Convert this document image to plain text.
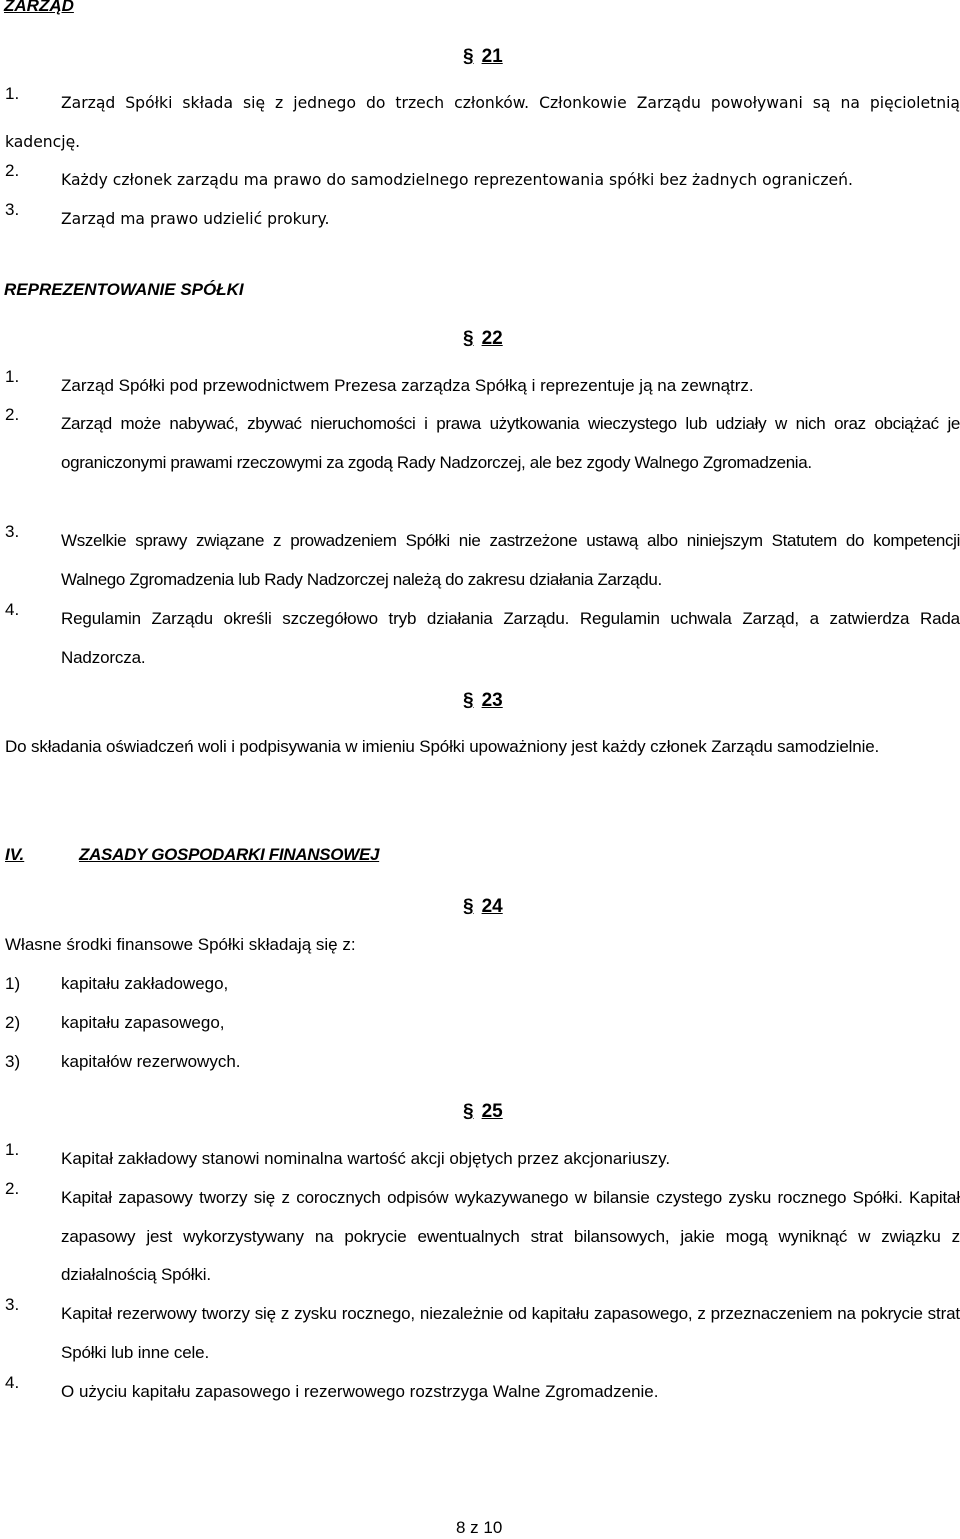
ZARZĄD
§ 21
1.	Zarząd Spółki składa się z jednego do trzech członków. Członkowie Zarządu powoływani są na pięcioletnią kadencję.
2.	Każdy członek zarządu ma prawo do samodzielnego reprezentowania spółki bez żadnych ograniczeń.
3.	Zarząd ma prawo udzielić prokury.
REPREZENTOWANIE SPÓŁKI
§ 22
1. Zarząd Spółki pod przewodnictwem Prezesa zarządza Spółką i reprezentuje ją na zewnątrz.
2. Zarząd może nabywać, zbywać nieruchomości i prawa użytkowania wieczystego lub udziały w nich oraz obciążać je ograniczonymi prawami rzeczowymi za zgodą Rady Nadzorczej, ale bez zgody Walnego Zgromadzenia.
3. Wszelkie sprawy związane z prowadzeniem Spółki nie zastrzeżone ustawą albo niniejszym Statutem do kompetencji Walnego Zgromadzenia lub Rady Nadzorczej należą do zakresu działania Zarządu.
4. Regulamin Zarządu określi szczegółowo tryb działania Zarządu. Regulamin uchwala Zarząd, a zatwierdza Rada Nadzorcza.
§ 23
Do składania oświadczeń woli i podpisywania w imieniu Spółki upoważniony jest każdy członek Zarządu samodzielnie.
IV.	ZASADY GOSPODARKI FINANSOWEJ
§ 24
Własne środki finansowe Spółki składają się z:
1) kapitału zakładowego,
2) kapitału zapasowego,
3) kapitałów rezerwowych.
§ 25
1. Kapitał zakładowy stanowi nominalna wartość akcji objętych przez akcjonariuszy.
2. Kapitał zapasowy tworzy się z corocznych odpisów wykazywanego w bilansie czystego zysku rocznego Spółki. Kapitał zapasowy jest wykorzystywany na pokrycie ewentualnych strat bilansowych, jakie mogą wyniknąć w związku z działalnością Spółki.
3. Kapitał rezerwowy tworzy się z zysku rocznego, niezależnie od kapitału zapasowego, z przeznaczeniem na pokrycie strat Spółki lub inne cele.
4. O użyciu kapitału zapasowego i rezerwowego rozstrzyga Walne Zgromadzenie.
8 z 10
